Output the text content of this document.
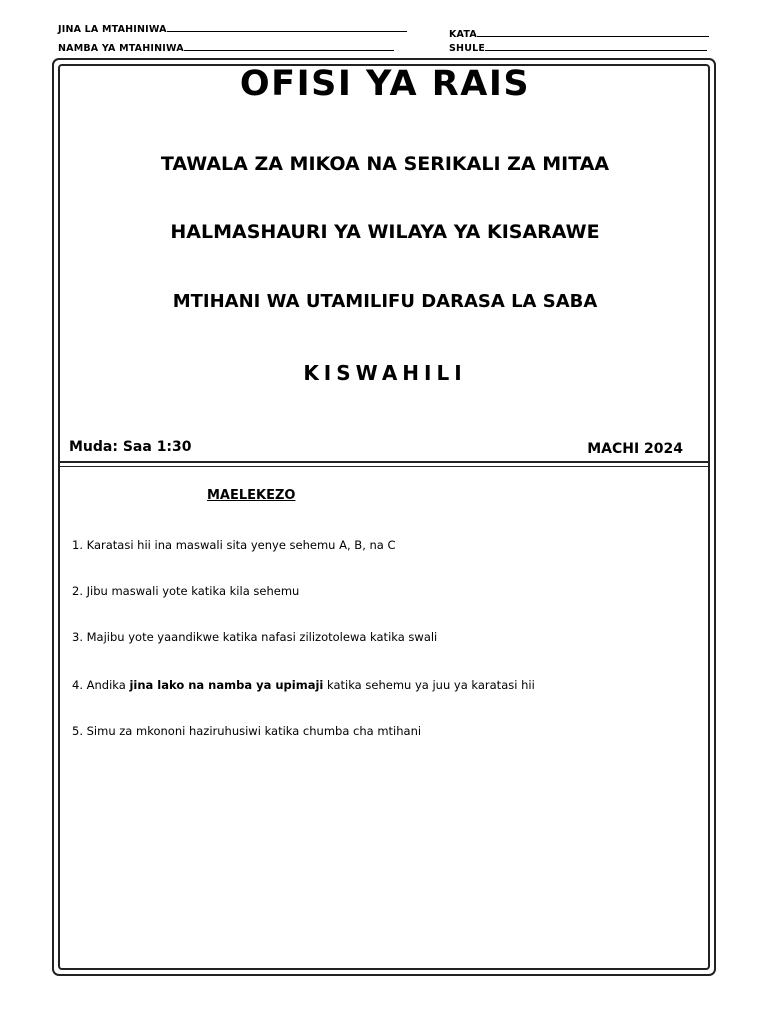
JINA LA MTAHINIWA
NAMBA YA MTAHINIWA
KATA
SHULE
OFISI YA RAIS
TAWALA ZA MIKOA NA SERIKALI ZA MITAA
HALMASHAURI YA WILAYA YA KISARAWE
MTIHANI WA UTAMILIFU DARASA LA SABA
KISWAHILI
Muda: Saa 1:30	MACHI 2024
MAELEKEZO
1. Karatasi hii ina maswali sita yenye sehemu A, B, na C
2. Jibu maswali yote katika kila sehemu
3. Majibu yote yaandikwe katika nafasi zilizotolewa katika swali
4. Andika jina lako na namba ya upimaji katika sehemu ya juu ya karatasi hii
5. Simu za mkononi haziruhusiwi katika chumba cha mtihani
